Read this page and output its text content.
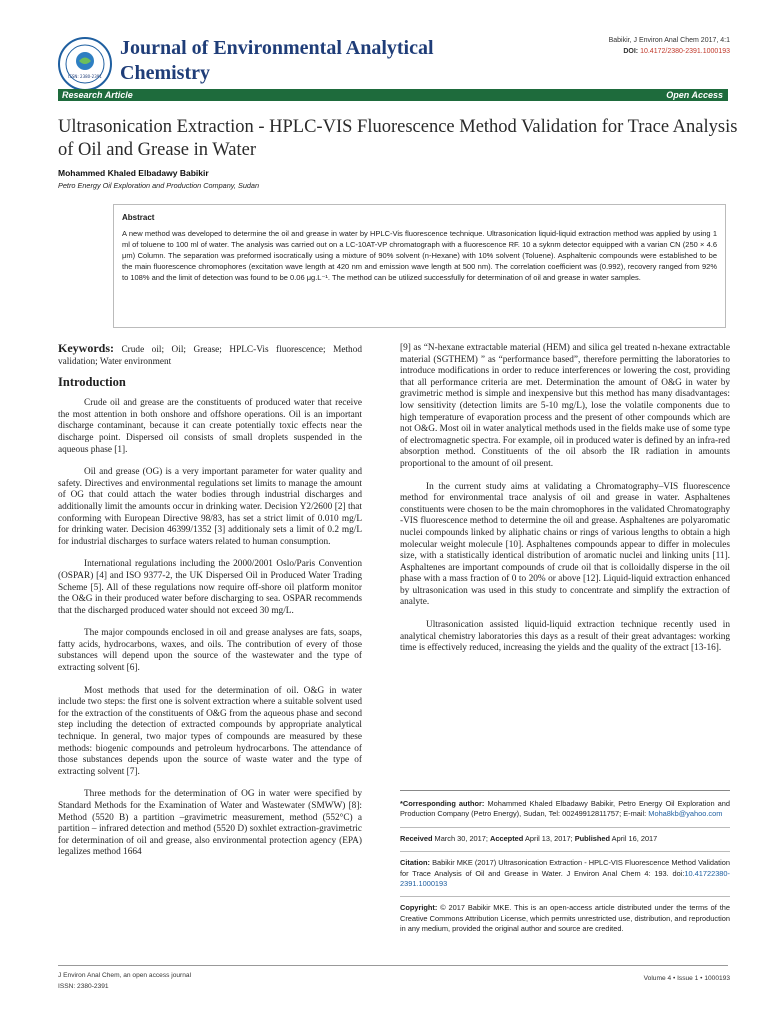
ISSN: 2380-2391
Journal of Environmental Analytical Chemistry
Babikir, J Environ Anal Chem 2017, 4:1
DOI: 10.4172/2380-2391.1000193
Research Article	Open Access
Ultrasonication Extraction - HPLC-VIS Fluorescence Method Validation for Trace Analysis of Oil and Grease in Water
Mohammed Khaled Elbadawy Babikir
Petro Energy Oil Exploration and Production Company, Sudan
Abstract
A new method was developed to determine the oil and grease in water by HPLC-Vis fluorescence technique. Ultrasonication liquid-liquid extraction method was applied by using 1 ml of toluene to 100 ml of water. The analysis was carried out on a LC-10AT-VP chromatograph with a fluorescence RF. 10 a syknm detector equipped with a varian CN (250 × 4.6 μm) Column. The separation was preformed isocratically using a mixture of 90% solvent (n-Hexane) with 10% solvent (Toluene). Asphaltenic compounds were established to be the main fluorescence chromophores (excitation wave length at 420 nm and emission wave length at 500 nm). The correlation coefficient was (0.992), recovery ranged from 92% to 108% and the limit of detection was found to be 0.06 μg.L⁻¹. The method can be utilized successfully for determination of oil and grease in water samples.
Keywords: Crude oil; Oil; Grease; HPLC-Vis fluorescence; Method validation; Water environment
Introduction
Crude oil and grease are the constituents of produced water that receive the most attention in both onshore and offshore operations. Oil is an important discharge contaminant, because it can create potentially toxic effects near the discharge point. Dispersed oil consists of small droplets suspended in the aqueous phase [1].
Oil and grease (OG) is a very important parameter for water quality and safety. Directives and environmental regulations set limits to manage the amount of OG that could attach the water bodies through industrial discharges and additionally limit the amounts occur in drinking water. Decision Y2/2600 [2] that conforming with European Directive 98/83, has set a strict limit of 0.010 mg/L for drinking water. Decision 46399/1352 [3] additionaly sets a limit of 0.2 mg/L for industrial discharges to surface waters related to human consumption.
International regulations including the 2000/2001 Oslo/Paris Convention (OSPAR) [4] and ISO 9377-2, the UK Dispersed Oil in Produced Water Trading Scheme [5]. All of these regulations now require off-shore oil platform monitor the O&G in their produced water before discharging to sea. OSPAR recommends that the discharged produced water should not exceed 30 mg/L.
The major compounds enclosed in oil and grease analyses are fats, soaps, fatty acids, hydrocarbons, waxes, and oils. The contribution of every of those substances will depend upon the source of the wastewater and the type of extracting solvent [6].
Most methods that used for the determination of oil. O&G in water include two steps: the first one is solvent extraction where a suitable solvent used for the extraction of the constituents of O&G from the aqueous phase and second step including the detection of extracted compounds by appropriate analytical technique. In general, two major types of compounds are measured by these methods: biogenic compounds and petroleum hydrocarbons. The attendance of those substances depends upon the source of waste water and the type of extracting solvent [7].
Three methods for the determination of OG in water were specified by Standard Methods for the Examination of Water and Wastewater (SMWW) [8]: Method (5520 B) a partition –gravimetric measurement, method (552°C) a partition – infrared detection and method (5520 D) soxhlet extraction-gravimetric for determination of oil and grease, also environmental protection agency (EPA) legalizes method 1664
[9] as “N-hexane extractable material (HEM) and silica gel treated n-hexane extractable material (SGTHEM) ” as “performance based”, therefore permitting the laboratories to introduce modifications in order to reduce interferences or lowering the cost, providing that all performance criteria are met. Determination the amount of O&G in water by gravimetric method is simple and inexpensive but this method has many disadvantages: low sensitivity (detection limits are 5-10 mg/L), lose the volatile components due to high temperature of evaporation process and the present of other compounds which are not O&G. Most oil in water analytical methods used in the fields make use of some type of electromagnetic spectra. For example, oil in produced water is defined by an infra-red absorption method. Constituents of the oil absorb the IR radiation in amounts proportional to the amount of oil present.
In the current study aims at validating a Chromatography–VIS fluorescence method for environmental trace analysis of oil and grease in water. Asphaltenes constituents were chosen to be the main chromophores in the validated Chromatography -VIS fluorescence method to determine the oil and grease. Asphaltenes are polyaromatic nuclei compounds linked by aliphatic chains or rings of various lengths to obtain a high molecular weight molecule [10]. Asphaltenes compounds appear to differ in molecules size, with a statistically identical distribution of aromatic nuclei and linking units [11]. Asphaltenes are important compounds of crude oil that is colloidally disperse in the oil phase with a mass fraction of 0 to 20% or above [12]. Liquid-liquid extraction enhanced by ultrasonication was used in this study to concentrate and simplify the extraction of analyte.
Ultrasonication assisted liquid-liquid extraction technique recently used in analytical chemistry laboratories this days as a result of their great advantages: working time is effectively reduced, increasing the yields and the quality of the extract [13-16].
*Corresponding author: Mohammed Khaled Elbadawy Babikir, Petro Energy Oil Exploration and Production Company (Petro Energy), Sudan, Tel: 00249912811757; E-mail: Moha8kb@yahoo.com
Received March 30, 2017; Accepted April 13, 2017; Published April 16, 2017
Citation: Babikir MKE (2017) Ultrasonication Extraction - HPLC-VIS Fluorescence Method Validation for Trace Analysis of Oil and Grease in Water. J Environ Anal Chem 4: 193. doi:10.41722380-2391.1000193
Copyright: © 2017 Babikir MKE. This is an open-access article distributed under the terms of the Creative Commons Attribution License, which permits unrestricted use, distribution, and reproduction in any medium, provided the original author and source are credited.
J Environ Anal Chem, an open access journal
ISSN: 2380-2391
Volume 4 • Issue 1 • 1000193
